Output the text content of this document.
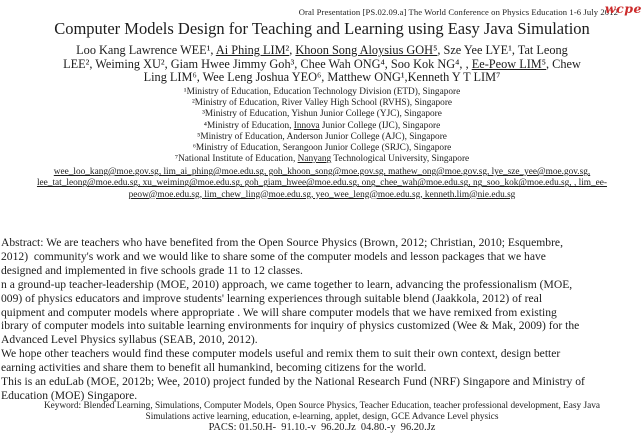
Oral Presentation [PS.02.09.a] The World Conference on Physics Education 1-6 July 2012
wcpe
Computer Models Design for Teaching and Learning using Easy Java Simulation
Loo Kang Lawrence WEE¹, Ai Phing LIM², Khoon Song Aloysius GOH⁵, Sze Yee LYE¹, Tat Leong
LEE², Weiming XU², Giam Hwee Jimmy Goh³, Chee Wah ONG⁴, Soo Kok NG⁴, , Ee-Peow LIM⁵, Chew
Ling LIM⁶, Wee Leng Joshua YEO⁶, Matthew ONG¹,Kenneth Y T LIM⁷
¹Ministry of Education, Education Technology Division (ETD), Singapore
²Ministry of Education, River Valley High School (RVHS), Singapore
³Ministry of Education, Yishun Junior College (YJC), Singapore
⁴Ministry of Education, Innova Junior College (IJC), Singapore
⁵Ministry of Education, Anderson Junior College (AJC), Singapore
⁶Ministry of Education, Serangoon Junior College (SRJC), Singapore
⁷National Institute of Education, Nanyang Technological University, Singapore
wee_loo_kang@moe.gov.sg, lim_ai_phing@moe.edu.sg, goh_khoon_song@moe.gov.sg, mathew_ong@moe.gov.sg, lye_sze_yee@moe.gov.sg,
lee_tat_leong@moe.edu.sg, xu_weiming@moe.edu.sg, goh_giam_hwee@moe.edu.sg, ong_chee_wah@moe.edu.sg, ng_soo_kok@moe.edu.sg, , lim_ee-
peow@moe.edu.sg, lim_chew_ling@moe.edu.sg, yeo_wee_leng@moe.edu.sg, kenneth.lim@nie.edu.sg
Abstract: We are teachers who have benefited from the Open Source Physics (Brown, 2012; Christian, 2010; Esquembre,
2012)  community's work and we would like to share some of the computer models and lesson packages that we have
designed and implemented in five schools grade 11 to 12 classes.
n a ground-up teacher-leadership (MOE, 2010) approach, we came together to learn, advancing the professionalism (MOE,
009) of physics educators and improve students' learning experiences through suitable blend (Jaakkola, 2012) of real
quipment and computer models where appropriate . We will share computer models that we have remixed from existing
ibrary of computer models into suitable learning environments for inquiry of physics customized (Wee & Mak, 2009) for the
Advanced Level Physics syllabus (SEAB, 2010, 2012).
We hope other teachers would find these computer models useful and remix them to suit their own context, design better
earning activities and share them to benefit all humankind, becoming citizens for the world.
This is an eduLab (MOE, 2012b; Wee, 2010) project funded by the National Research Fund (NRF) Singapore and Ministry of
Education (MOE) Singapore.
Keyword: Blended Learning, Simulations, Computer Models, Open Source Physics, Teacher Education, teacher professional development, Easy Java
Simulations active learning, education, e-learning, applet, design, GCE Advance Level physics
PACS: 01.50.H-  91.10.-v  96.20.Jz  04.80.-y  96.20.Jz
